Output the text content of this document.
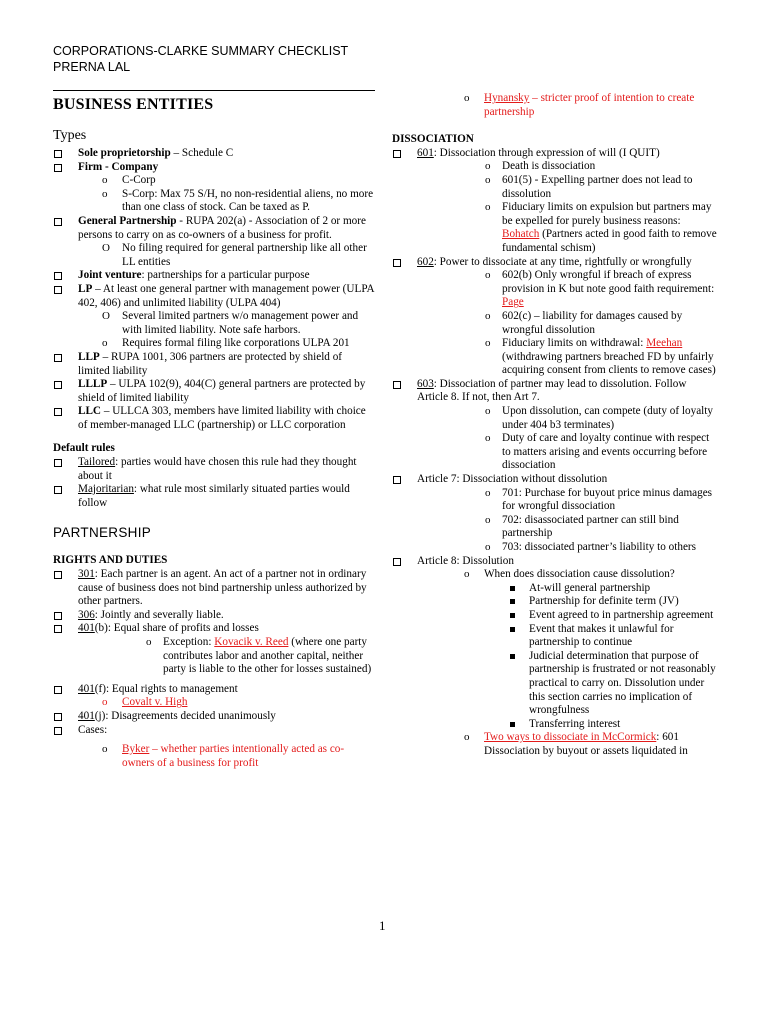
CORPORATIONS-CLARKE SUMMARY CHECKLIST
PRERNA LAL
BUSINESS ENTITIES
Types
Sole proprietorship – Schedule C
Firm - Company
o C-Corp
o S-Corp: Max 75 S/H, no non-residential aliens, no more than one class of stock. Can be taxed as P.
General Partnership - RUPA 202(a) - Association of 2 or more persons to carry on as co-owners of a business for profit.
O No filing required for general partnership like all other LL entities
Joint venture: partnerships for a particular purpose
LP – At least one general partner with management power (ULPA 402, 406) and unlimited liability (ULPA 404)
O Several limited partners w/o management power and with limited liability. Note safe harbors.
o Requires formal filing like corporations ULPA 201
LLP – RUPA 1001, 306 partners are protected by shield of limited liability
LLLP – ULPA 102(9), 404(C) general partners are protected by shield of limited liability
LLC – ULLCA 303, members have limited liability with choice of member-managed LLC (partnership) or LLC corporation
Default rules
Tailored: parties would have chosen this rule had they thought about it
Majoritarian: what rule most similarly situated parties would follow
PARTNERSHIP
RIGHTS AND DUTIES
301: Each partner is an agent. An act of a partner not in ordinary cause of business does not bind partnership unless authorized by other partners.
306: Jointly and severally liable.
401(b): Equal share of profits and losses
o Exception: Kovacik v. Reed (where one party contributes labor and another capital, neither party is liable to the other for losses sustained)
401(f): Equal rights to management
o Covalt v. High
401(j): Disagreements decided unanimously
Cases:
o Byker – whether parties intentionally acted as co-owners of a business for profit
o Hynansky – stricter proof of intention to create partnership
DISSOCIATION
601: Dissociation through expression of will (I QUIT)
o Death is dissociation
o 601(5) - Expelling partner does not lead to dissolution
o Fiduciary limits on expulsion but partners may be expelled for purely business reasons: Bohatch (Partners acted in good faith to remove fundamental schism)
602: Power to dissociate at any time, rightfully or wrongfully
o 602(b) Only wrongful if breach of express provision in K but note good faith requirement: Page
o 602(c) – liability for damages caused by wrongful dissolution
o Fiduciary limits on withdrawal: Meehan (withdrawing partners breached FD by unfairly acquiring consent from clients to remove cases)
603: Dissociation of partner may lead to dissolution. Follow Article 8. If not, then Art 7.
o Upon dissolution, can compete (duty of loyalty under 404 b3 terminates)
o Duty of care and loyalty continue with respect to matters arising and events occurring before dissociation
Article 7: Dissociation without dissolution
o 701: Purchase for buyout price minus damages for wrongful dissociation
o 702: disassociated partner can still bind partnership
o 703: dissociated partner’s liability to others
Article 8: Dissolution
o When does dissociation cause dissolution?
At-will general partnership
Partnership for definite term (JV)
Event agreed to in partnership agreement
Event that makes it unlawful for partnership to continue
Judicial determination that purpose of partnership is frustrated or not reasonably practical to carry on. Dissolution under this section carries no implication of wrongfulness
Transferring interest
o Two ways to dissociate in McCormick: 601 Dissociation by buyout or assets liquidated in
1
